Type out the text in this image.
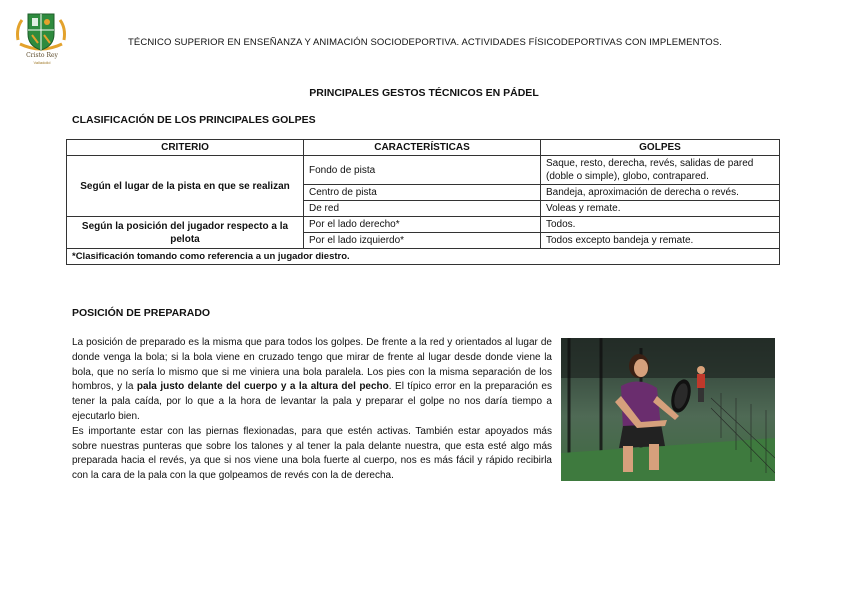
Cristo Rey
Valladolid
TÉCNICO SUPERIOR EN ENSEÑANZA Y ANIMACIÓN SOCIODEPORTIVA. ACTIVIDADES FÍSICODEPORTIVAS CON IMPLEMENTOS.
PRINCIPALES GESTOS TÉCNICOS EN PÁDEL
CLASIFICACIÓN DE LOS PRINCIPALES GOLPES
CRITERIO	CARACTERÍSTICAS	GOLPES
Según el lugar de la pista en que se realizan	Fondo de pista	Saque, resto, derecha, revés, salidas de pared (doble o simple), globo, contrapared.
	Centro de pista	Bandeja, aproximación de derecha o revés.
	De red	Voleas y remate.
Según la posición del jugador respecto a la pelota	Por el lado derecho*	Todos.
	Por el lado izquierdo*	Todos excepto bandeja y remate.
*Clasificación tomando como referencia a un jugador diestro.		
POSICIÓN DE PREPARADO

La posición de preparado es la misma que para todos los golpes. De frente a la red y orientados al lugar de donde venga la bola; si la bola viene en cruzado tengo que mirar de frente al lugar desde donde viene la bola, que no sería lo mismo que si me viniera una bola paralela. Los pies con la misma separación de los hombros, y la pala justo delante del cuerpo y a la altura del pecho. El típico error en la preparación es tener la pala caída, por lo que a la hora de levantar la pala y preparar el golpe no nos daría tiempo a ejecutarlo bien.

Es importante estar con las piernas flexionadas, para que estén activas. También estar apoyados más sobre nuestras punteras que sobre los talones y al tener la pala delante nuestra, que esta esté algo más preparada hacia el revés, ya que si nos viene una bola fuerte al cuerpo, nos es más fácil y rápido recibirla con la cara de la pala con la que golpeamos de revés con la de derecha.
